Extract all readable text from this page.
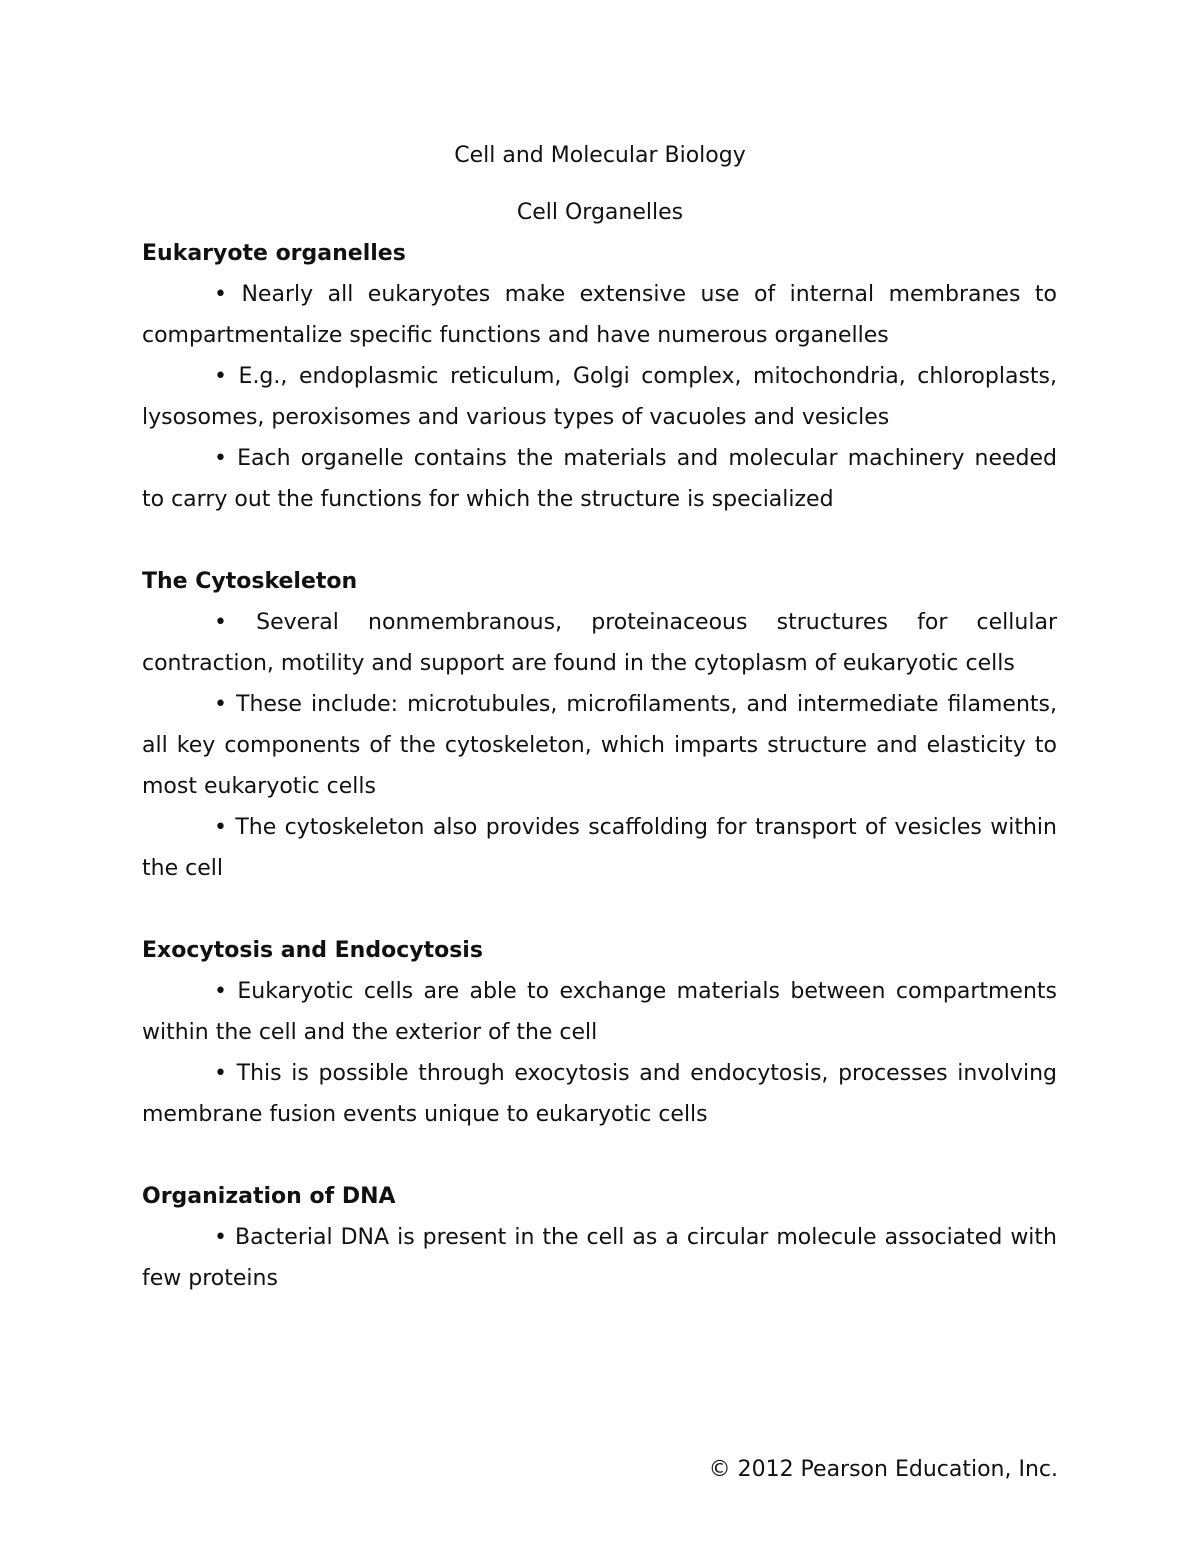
Cell and Molecular Biology
Cell Organelles

Eukaryote organelles

• Nearly all eukaryotes make extensive use of internal membranes to compartmentalize specific functions and have numerous organelles

• E.g., endoplasmic reticulum, Golgi complex, mitochondria, chloroplasts, lysosomes, peroxisomes and various types of vacuoles and vesicles

• Each organelle contains the materials and molecular machinery needed to carry out the functions for which the structure is specialized

The Cytoskeleton

• Several nonmembranous, proteinaceous structures for cellular contraction, motility and support are found in the cytoplasm of eukaryotic cells

• These include: microtubules, microfilaments, and intermediate filaments, all key components of the cytoskeleton, which imparts structure and elasticity to most eukaryotic cells

• The cytoskeleton also provides scaffolding for transport of vesicles within the cell

Exocytosis and Endocytosis

• Eukaryotic cells are able to exchange materials between compartments within the cell and the exterior of the cell

• This is possible through exocytosis and endocytosis, processes involving membrane fusion events unique to eukaryotic cells

Organization of DNA

• Bacterial DNA is present in the cell as a circular molecule associated with few proteins

© 2012 Pearson Education, Inc.
